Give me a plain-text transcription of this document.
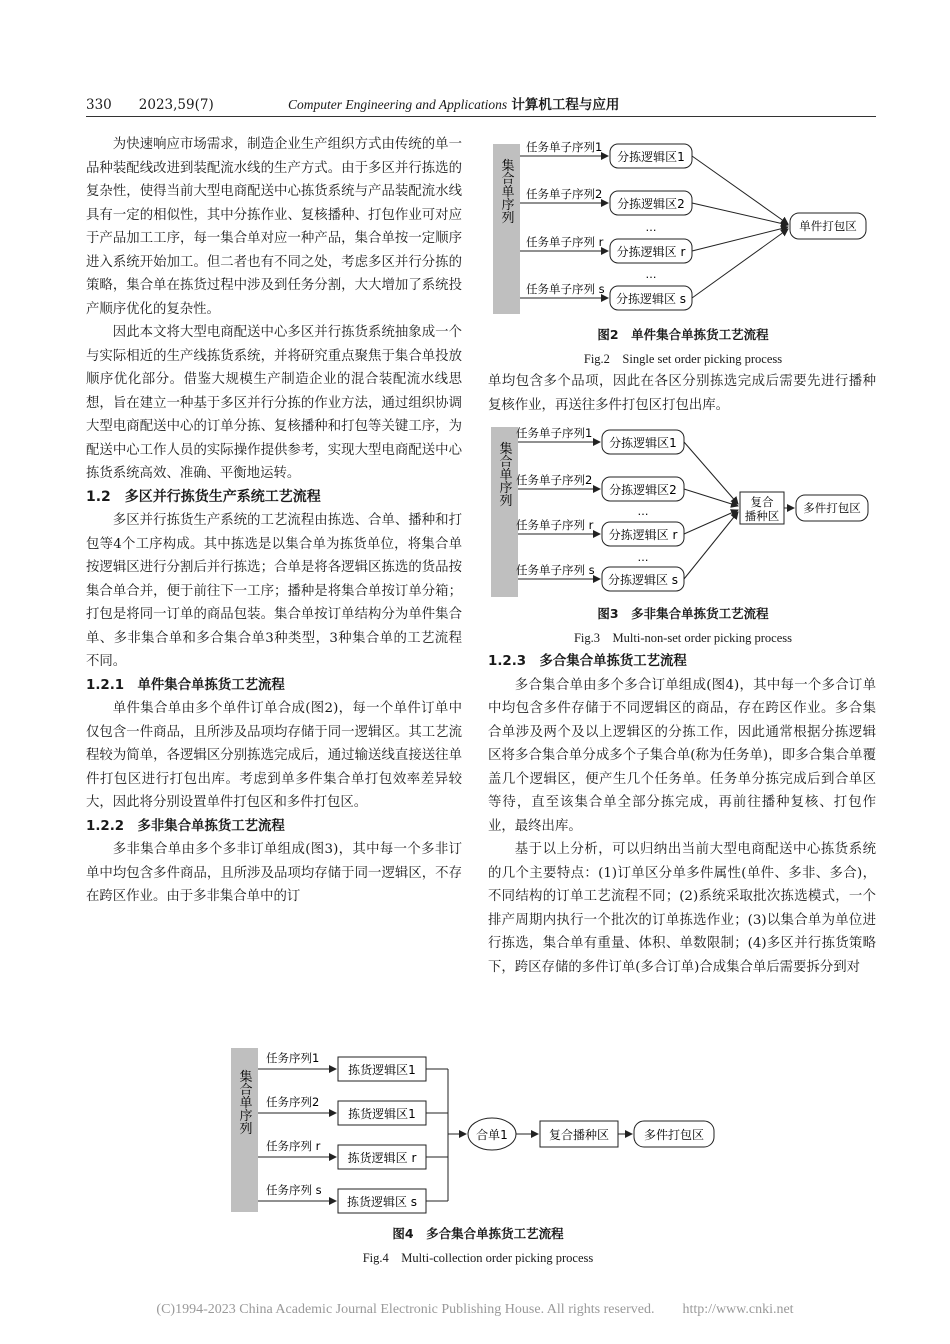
330　　 2023,59(7)	Computer Engineering and Applications 计算机工程与应用

为快速响应市场需求，制造企业生产组织方式由传统的单一品种装配线改进到装配流水线的生产方式。由于多区并行拣选的复杂性，使得当前大型电商配送中心拣货系统与产品装配流水线具有一定的相似性，其中分拣作业、复核播种、打包作业可对应于产品加工工序，每一集合单对应一种产品，集合单按一定顺序进入系统开始加工。但二者也有不同之处，考虑多区并行分拣的策略，集合单在拣货过程中涉及到任务分割，大大增加了系统投产顺序优化的复杂性。

因此本文将大型电商配送中心多区并行拣货系统抽象成一个与实际相近的生产线拣货系统，并将研究重点聚焦于集合单投放顺序优化部分。借鉴大规模生产制造企业的混合装配流水线思想，旨在建立一种基于多区并行分拣的作业方法，通过组织协调大型电商配送中心的订单分拣、复核播种和打包等关键工序，为配送中心工作人员的实际操作提供参考，实现大型电商配送中心拣货系统高效、准确、平衡地运转。

1.2　多区并行拣货生产系统工艺流程

多区并行拣货生产系统的工艺流程由拣选、合单、播种和打包等4个工序构成。其中拣选是以集合单为拣货单位，将集合单按逻辑区进行分割后并行拣选；合单是将各逻辑区拣选的货品按集合单合并，便于前往下一工序；播种是将集合单按订单分箱；打包是将同一订单的商品包装。集合单按订单结构分为单件集合单、多非集合单和多合集合单3种类型，3种集合单的工艺流程不同。

1.2.1　单件集合单拣货工艺流程

单件集合单由多个单件订单合成(图2)，每一个单件订单中仅包含一件商品，且所涉及品项均存储于同一逻辑区。其工艺流程较为简单，各逻辑区分别拣选完成后，通过输送线直接送往单件打包区进行打包出库。考虑到单多件集合单打包效率差异较大，因此将分别设置单件打包区和多件打包区。

1.2.2　多非集合单拣货工艺流程

多非集合单由多个多非订单组成(图3)，其中每一个多非订单中均包含多件商品，且所涉及品项均存储于同一逻辑区，不存在跨区作业。由于多非集合单中的订

集合单序列
任务单子序列1
任务单子序列2
任务单子序列 r
任务单子序列 s
分拣逻辑区1
分拣逻辑区2
分拣逻辑区 r
分拣逻辑区 s
…
…
单件打包区
图2　单件集合单拣货工艺流程
Fig.2　Single set order picking process

单均包含多个品项，因此在各区分别拣选完成后需要先进行播种复核作业，再送往多件打包区打包出库。

集合单序列
任务单子序列1
任务单子序列2
任务单子序列 r
任务单子序列 s
分拣逻辑区1
分拣逻辑区2
分拣逻辑区 r
分拣逻辑区 s
…
…
复合
播种区
多件打包区
图3　多非集合单拣货工艺流程
Fig.3　Multi-non-set order picking process
1.2.3　多合集合单拣货工艺流程

多合集合单由多个多合订单组成(图4)，其中每一个多合订单中均包含多件存储于不同逻辑区的商品，存在跨区作业。多合集合单涉及两个及以上逻辑区的分拣工作，因此通常根据分拣逻辑区将多合集合单分成多个子集合单(称为任务单)，即多合集合单覆盖几个逻辑区，便产生几个任务单。任务单分拣完成后到合单区等待，直至该集合单全部分拣完成，再前往播种复核、打包作业，最终出库。

基于以上分析，可以归纳出当前大型电商配送中心拣货系统的几个主要特点：(1)订单区分单多件属性(单件、多非、多合)，不同结构的订单工艺流程不同；(2)系统采取批次拣选模式，一个排产周期内执行一个批次的订单拣选作业；(3)以集合单为单位进行拣选，集合单有重量、体积、单数限制；(4)多区并行拣货策略下，跨区存储的多件订单(多合订单)合成集合单后需要拆分到对

集合单序列
任务序列1
任务序列2
任务序列 r
任务序列 s
拣货逻辑区1
拣货逻辑区1
拣货逻辑区 r
拣货逻辑区 s
合单1	复合播种区	多件打包区
图4　多合集合单拣货工艺流程
Fig.4　Multi-collection order picking process
(C)1994-2023 China Academic Journal Electronic Publishing House. All rights reserved.　　http://www.cnki.net
